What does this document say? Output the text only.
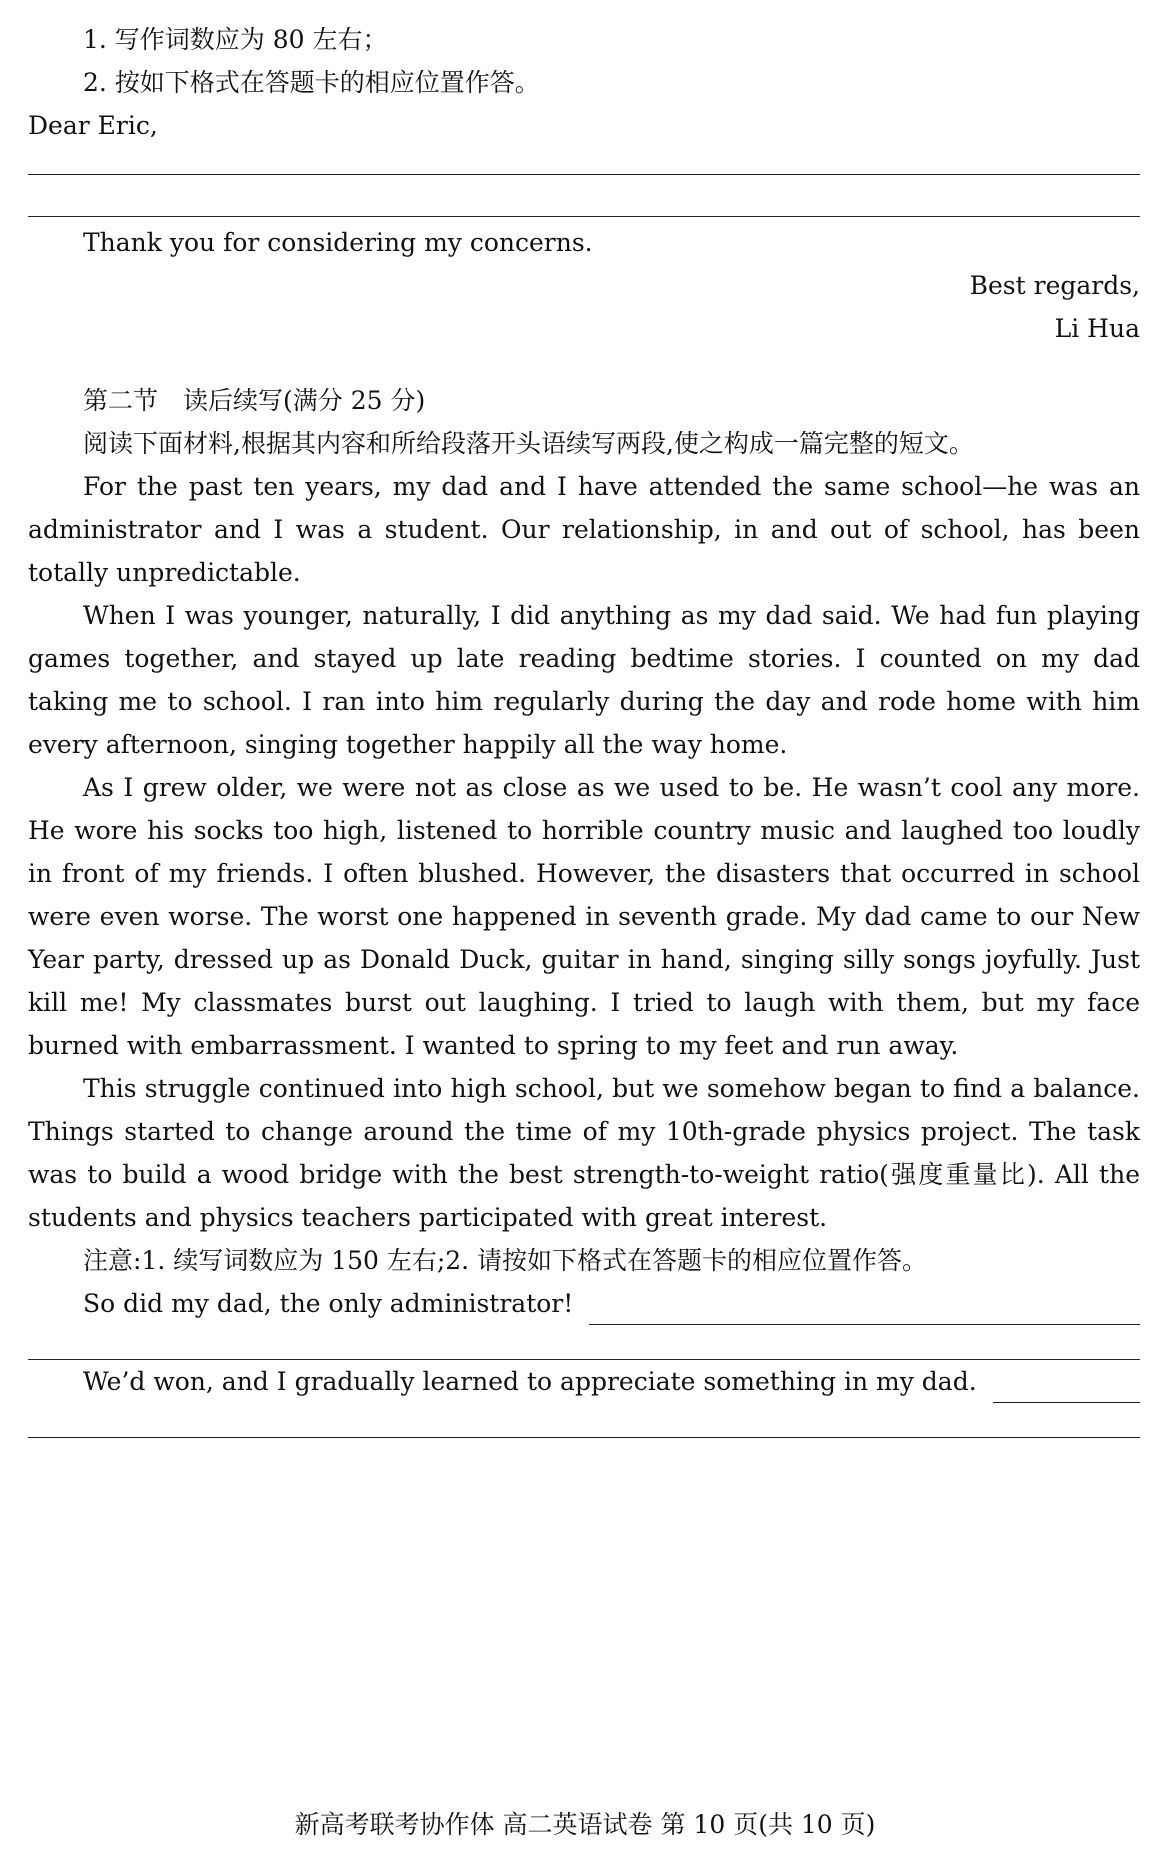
1. 写作词数应为 80 左右；
2. 按如下格式在答题卡的相应位置作答。
Dear Eric,
Thank you for considering my concerns.
Best regards,
Li Hua
第二节　读后续写(满分 25 分)
阅读下面材料,根据其内容和所给段落开头语续写两段,使之构成一篇完整的短文。

For the past ten years, my dad and I have attended the same school—he was an administrator and I was a student. Our relationship, in and out of school, has been totally unpredictable.

When I was younger, naturally, I did anything as my dad said. We had fun playing games together, and stayed up late reading bedtime stories. I counted on my dad taking me to school. I ran into him regularly during the day and rode home with him every afternoon, singing together happily all the way home.

As I grew older, we were not as close as we used to be. He wasn’t cool any more. He wore his socks too high, listened to horrible country music and laughed too loudly in front of my friends. I often blushed. However, the disasters that occurred in school were even worse. The worst one happened in seventh grade. My dad came to our New Year party, dressed up as Donald Duck, guitar in hand, singing silly songs joyfully. Just kill me! My classmates burst out laughing. I tried to laugh with them, but my face burned with embarrassment. I wanted to spring to my feet and run away.

This struggle continued into high school, but we somehow began to find a balance. Things started to change around the time of my 10th-grade physics project. The task was to build a wood bridge with the best strength-to-weight ratio(强度重量比). All the students and physics teachers participated with great interest.

注意:1. 续写词数应为 150 左右;2. 请按如下格式在答题卡的相应位置作答。
So did my dad, the only administrator!
We’d won, and I gradually learned to appreciate something in my dad.
新高考联考协作体 高二英语试卷 第 10 页(共 10 页)
